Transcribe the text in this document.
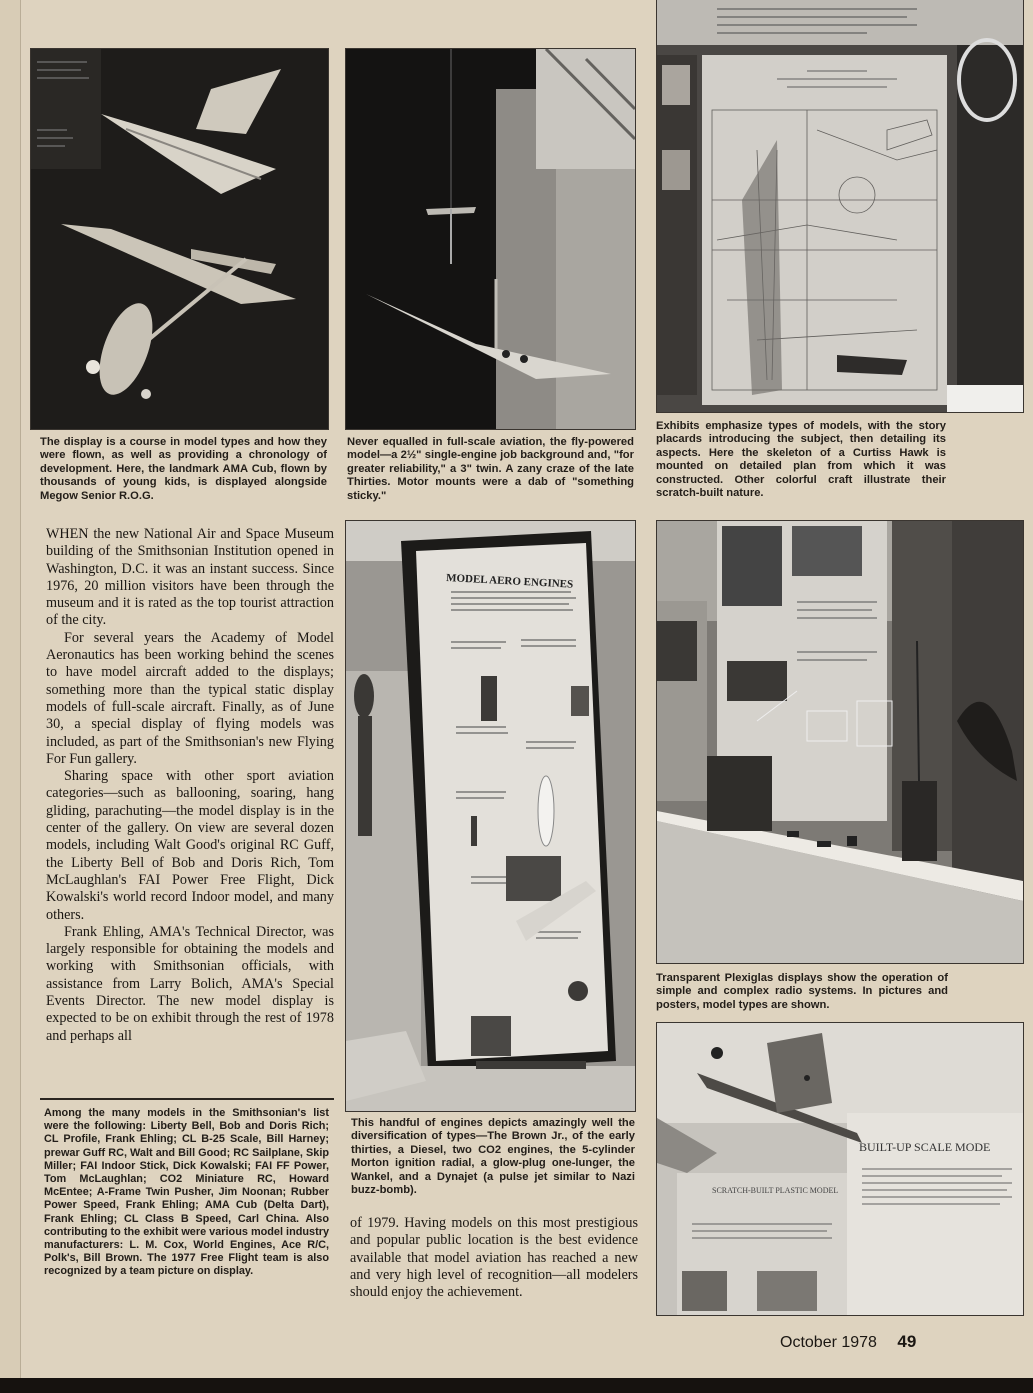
The display is a course in model types and how they were flown, as well as providing a chronology of development. Here, the landmark AMA Cub, flown by thousands of young kids, is displayed alongside Megow Senior R.O.G.

Never equalled in full-scale aviation, the fly-powered model—a 2½" single-engine job background and, "for greater reliability," a 3" twin. A zany craze of the late Thirties. Motor mounts were a dab of "something sticky."

Exhibits emphasize types of models, with the story placards introducing the subject, then detailing its aspects. Here the skeleton of a Curtiss Hawk is mounted on detailed plan from which it was constructed. Other colorful craft illustrate their scratch-built nature.

WHEN the new National Air and Space Museum building of the Smithsonian Institution opened in Washington, D.C. it was an instant success. Since 1976, 20 million visitors have been through the museum and it is rated as the top tourist attraction of the city.

For several years the Academy of Model Aeronautics has been working behind the scenes to have model aircraft added to the displays; something more than the typical static display models of full-scale aircraft. Finally, as of June 30, a special display of flying models was included, as part of the Smithsonian's new Flying For Fun gallery.

Sharing space with other sport aviation categories—such as ballooning, soaring, hang gliding, parachuting—the model display is in the center of the gallery. On view are several dozen models, including Walt Good's original RC Guff, the Liberty Bell of Bob and Doris Rich, Tom McLaughlan's FAI Power Free Flight, Dick Kowalski's world record Indoor model, and many others.

Frank Ehling, AMA's Technical Director, was largely responsible for obtaining the models and working with Smithsonian officials, with assistance from Larry Bolich, AMA's Special Events Director. The new model display is expected to be on exhibit through the rest of 1978 and perhaps all

Among the many models in the Smithsonian's list were the following: Liberty Bell, Bob and Doris Rich; CL Profile, Frank Ehling; CL B-25 Scale, Bill Harney; prewar Guff RC, Walt and Bill Good; RC Sailplane, Skip Miller; FAI Indoor Stick, Dick Kowalski; FAI FF Power, Tom McLaughlan; CO2 Miniature RC, Howard McEntee; A-Frame Twin Pusher, Jim Noonan; Rubber Power Speed, Frank Ehling; AMA Cub (Delta Dart), Frank Ehling; CL Class B Speed, Carl China. Also contributing to the exhibit were various model industry manufacturers: L. M. Cox, World Engines, Ace R/C, Polk's, Bill Brown. The 1977 Free Flight team is also recognized by a team picture on display.

MODEL AERO ENGINES

Transparent Plexiglas displays show the operation of simple and complex radio systems. In pictures and posters, model types are shown.

This handful of engines depicts amazingly well the diversification of types—The Brown Jr., of the early thirties, a Diesel, two CO2 engines, the 5-cylinder Morton ignition radial, a glow-plug one-lunger, the Wankel, and a Dynajet (a pulse jet similar to Nazi buzz-bomb).

of 1979. Having models on this most prestigious and popular public location is the best evidence available that model aviation has reached a new and very high level of recognition—all modelers should enjoy the achievement.

BUILT-UP SCALE MODE
SCRATCH-BUILT PLASTIC MODEL
October 1978 49
